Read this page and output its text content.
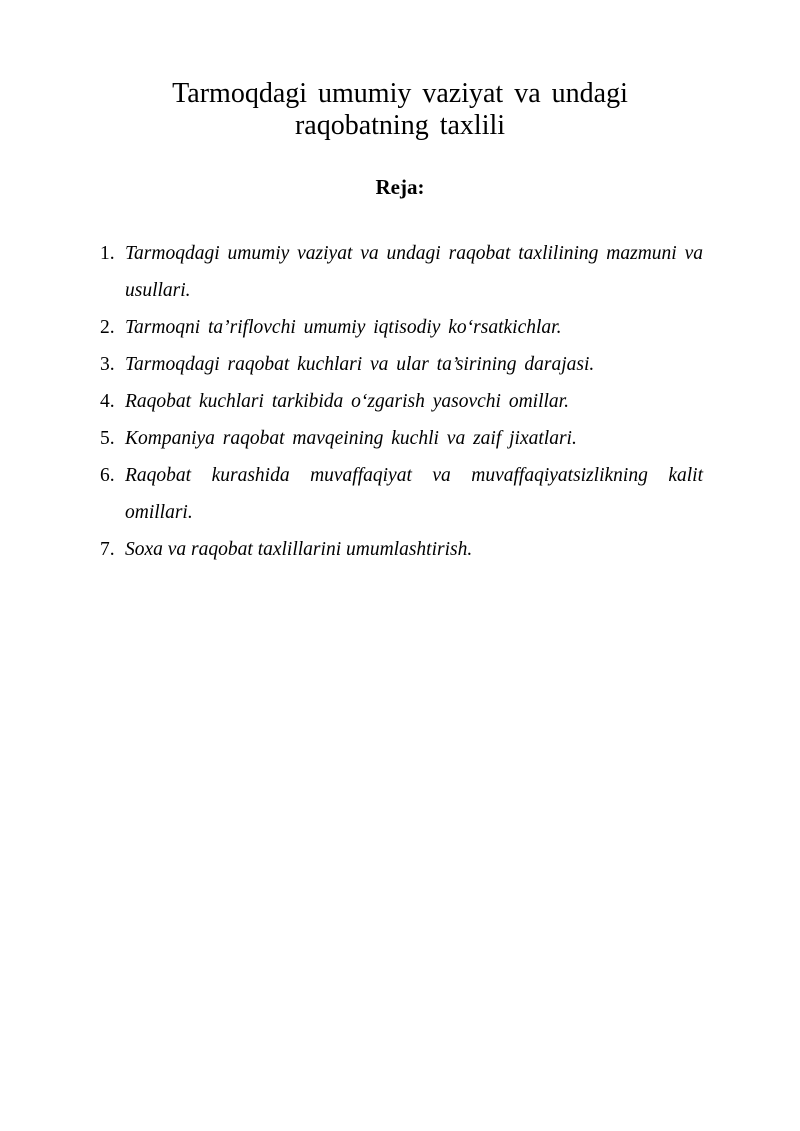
Tarmoqdagi umumiy vaziyat va undagi
raqobatning taxlili
Reja:
1. Tarmoqdagi umumiy vaziyat va undagi raqobat taxlilining mazmuni va usullari.
2. Tarmoqni ta’riflovchi umumiy iqtisodiy ko‘rsatkichlar.
3. Tarmoqdagi raqobat kuchlari va ular ta’sirining darajasi.
4. Raqobat kuchlari tarkibida o‘zgarish yasovchi omillar.
5. Kompaniya raqobat mavqeining kuchli va zaif jixatlari.
6. Raqobat kurashida muvaffaqiyat va muvaffaqiyatsizlikning kalit omillari.
7. Soxa va raqobat taxlillarini umumlashtirish.
